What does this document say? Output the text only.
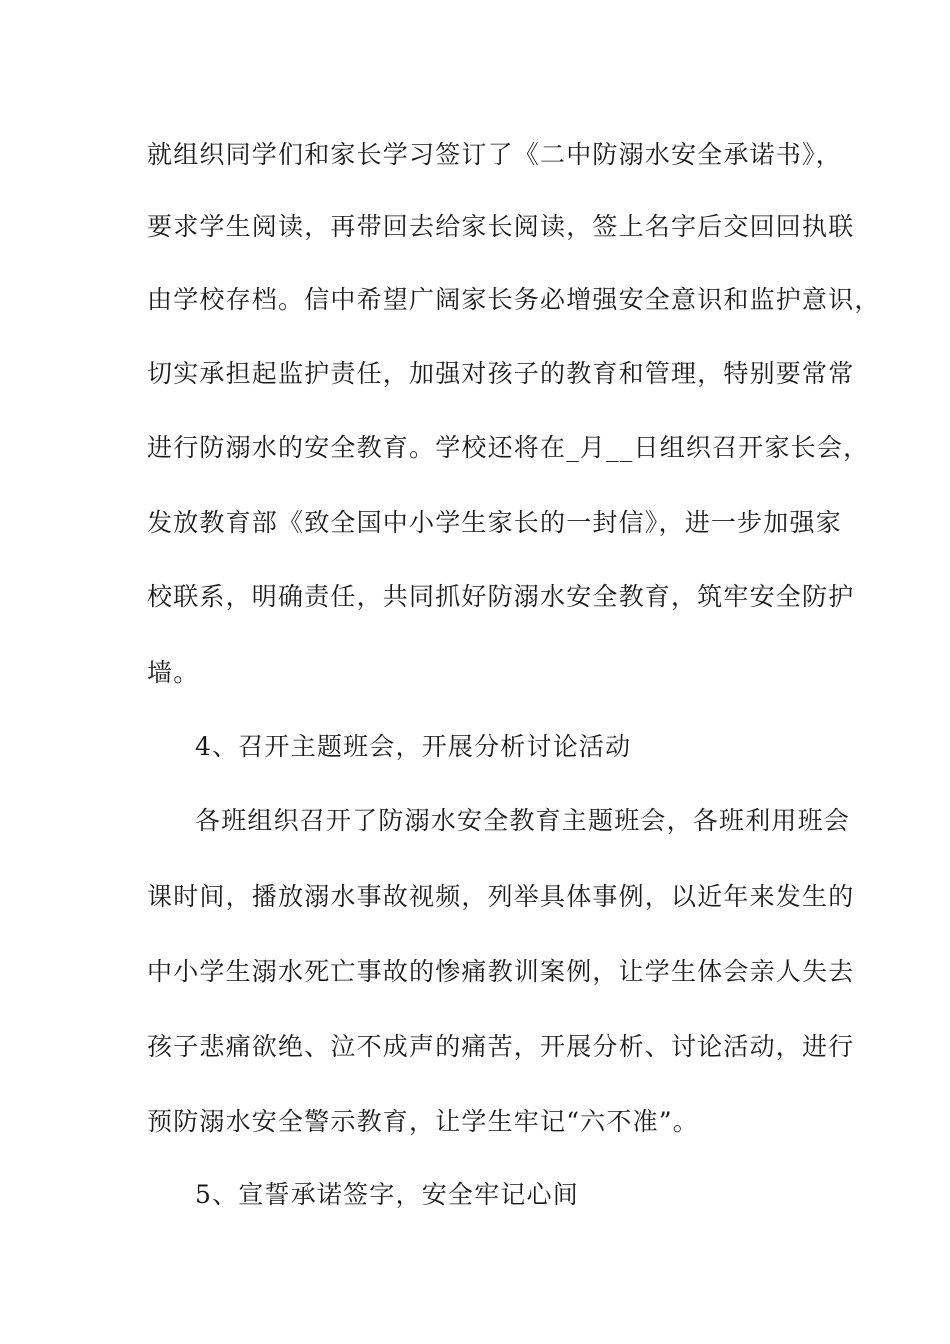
就组织同学们和家长学习签订了《二中防溺水安全承诺书》，
要求学生阅读，再带回去给家长阅读，签上名字后交回回执联
由学校存档。信中希望广阔家长务必增强安全意识和监护意识，
切实承担起监护责任，加强对孩子的教育和管理，特别要常常
进行防溺水的安全教育。学校还将在_月__日组织召开家长会，
发放教育部《致全国中小学生家长的一封信》，进一步加强家
校联系，明确责任，共同抓好防溺水安全教育，筑牢安全防护
墙。
4、召开主题班会，开展分析讨论活动
各班组织召开了防溺水安全教育主题班会，各班利用班会
课时间，播放溺水事故视频，列举具体事例，以近年来发生的
中小学生溺水死亡事故的惨痛教训案例，让学生体会亲人失去
孩子悲痛欲绝、泣不成声的痛苦，开展分析、讨论活动，进行
预防溺水安全警示教育，让学生牢记“六不准”。
5、宣誓承诺签字，安全牢记心间
